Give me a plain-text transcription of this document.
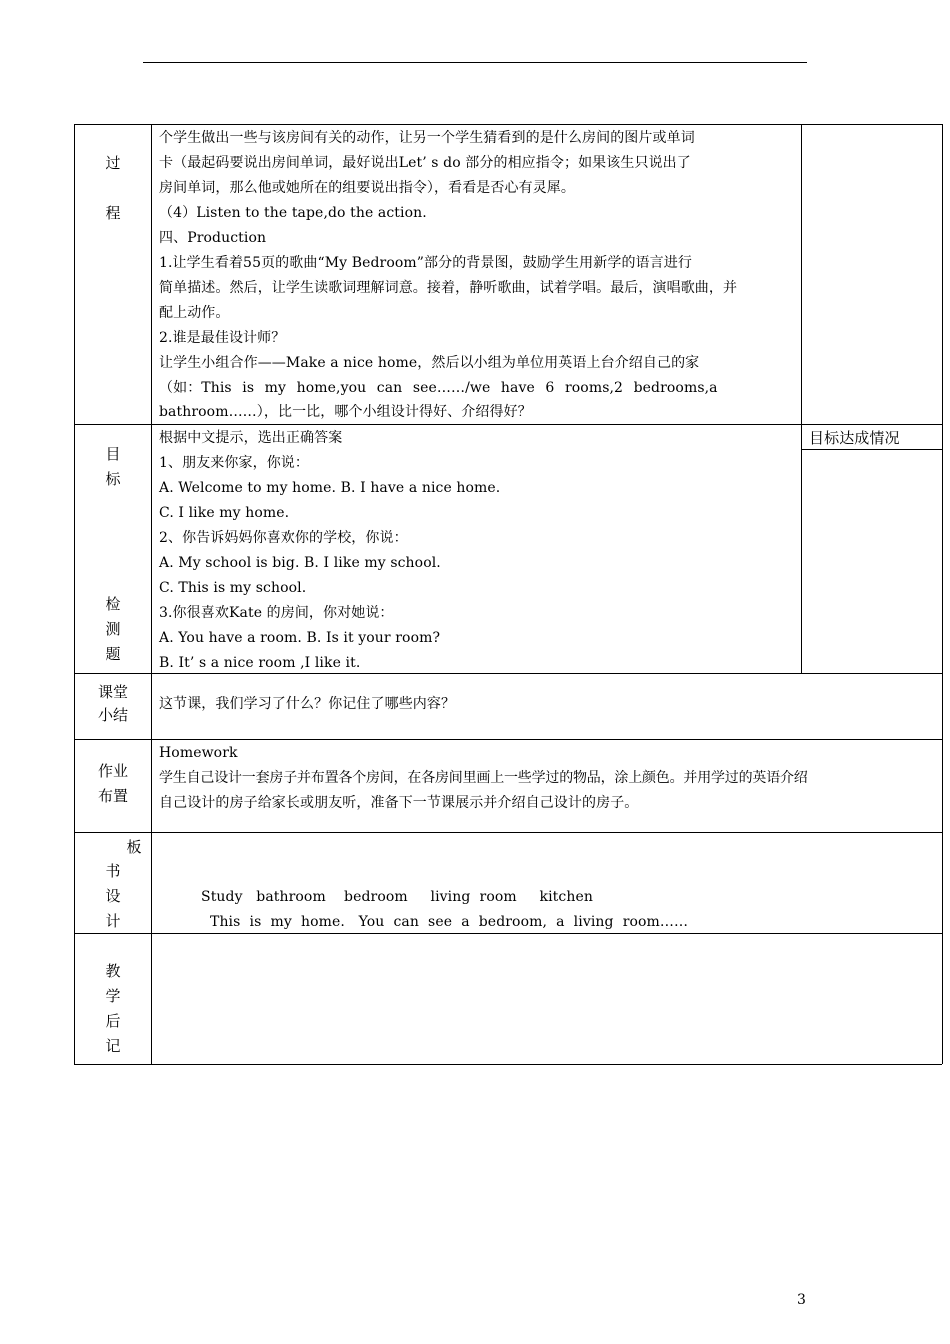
过
程
个学生做出一些与该房间有关的动作，让另一个学生猜看到的是什么房间的图片或单词
卡（最起码要说出房间单词，最好说出Let’ s do 部分的相应指令；如果该生只说出了
房间单词，那么他或她所在的组要说出指令），看看是否心有灵犀。
（4）Listen to the tape,do the action.
四、Production
1.让学生看着55页的歌曲“My Bedroom”部分的背景图，鼓励学生用新学的语言进行
简单描述。然后，让学生读歌词理解词意。接着，静听歌曲，试着学唱。最后，演唱歌曲，并
配上动作。
2.谁是最佳设计师？
让学生小组合作——Make a nice home，然后以小组为单位用英语上台介绍自己的家
（如：This is my home,you can see……/we have 6 rooms,2 bedrooms,a
bathroom……），比一比，哪个小组设计得好、介绍得好？
目
标
检
测
题
目标达成情况
根据中文提示，选出正确答案
1、朋友来你家，你说：
A. Welcome to my home. B. I have a nice home.
C. I like my home.
2、你告诉妈妈你喜欢你的学校，你说：
A. My school is big. B. I like my school.
C. This is my school.
3.你很喜欢Kate 的房间，你对她说：
A. You have a room. B. Is it your room?
B. It’ s a nice room ,I like it.
课堂
小结
这节课，我们学习了什么？你记住了哪些内容？
作业
布置
Homework
学生自己设计一套房子并布置各个房间，在各房间里画上一些学过的物品，涂上颜色。并用学过的英语介绍
自己设计的房子给家长或朋友听，准备下一节课展示并介绍自己设计的房子。
板
书
设
计
Study   bathroom    bedroom     living  room     kitchen
This  is  my  home.   You  can  see  a  bedroom,  a  living  room……
教
学
后
记
3
